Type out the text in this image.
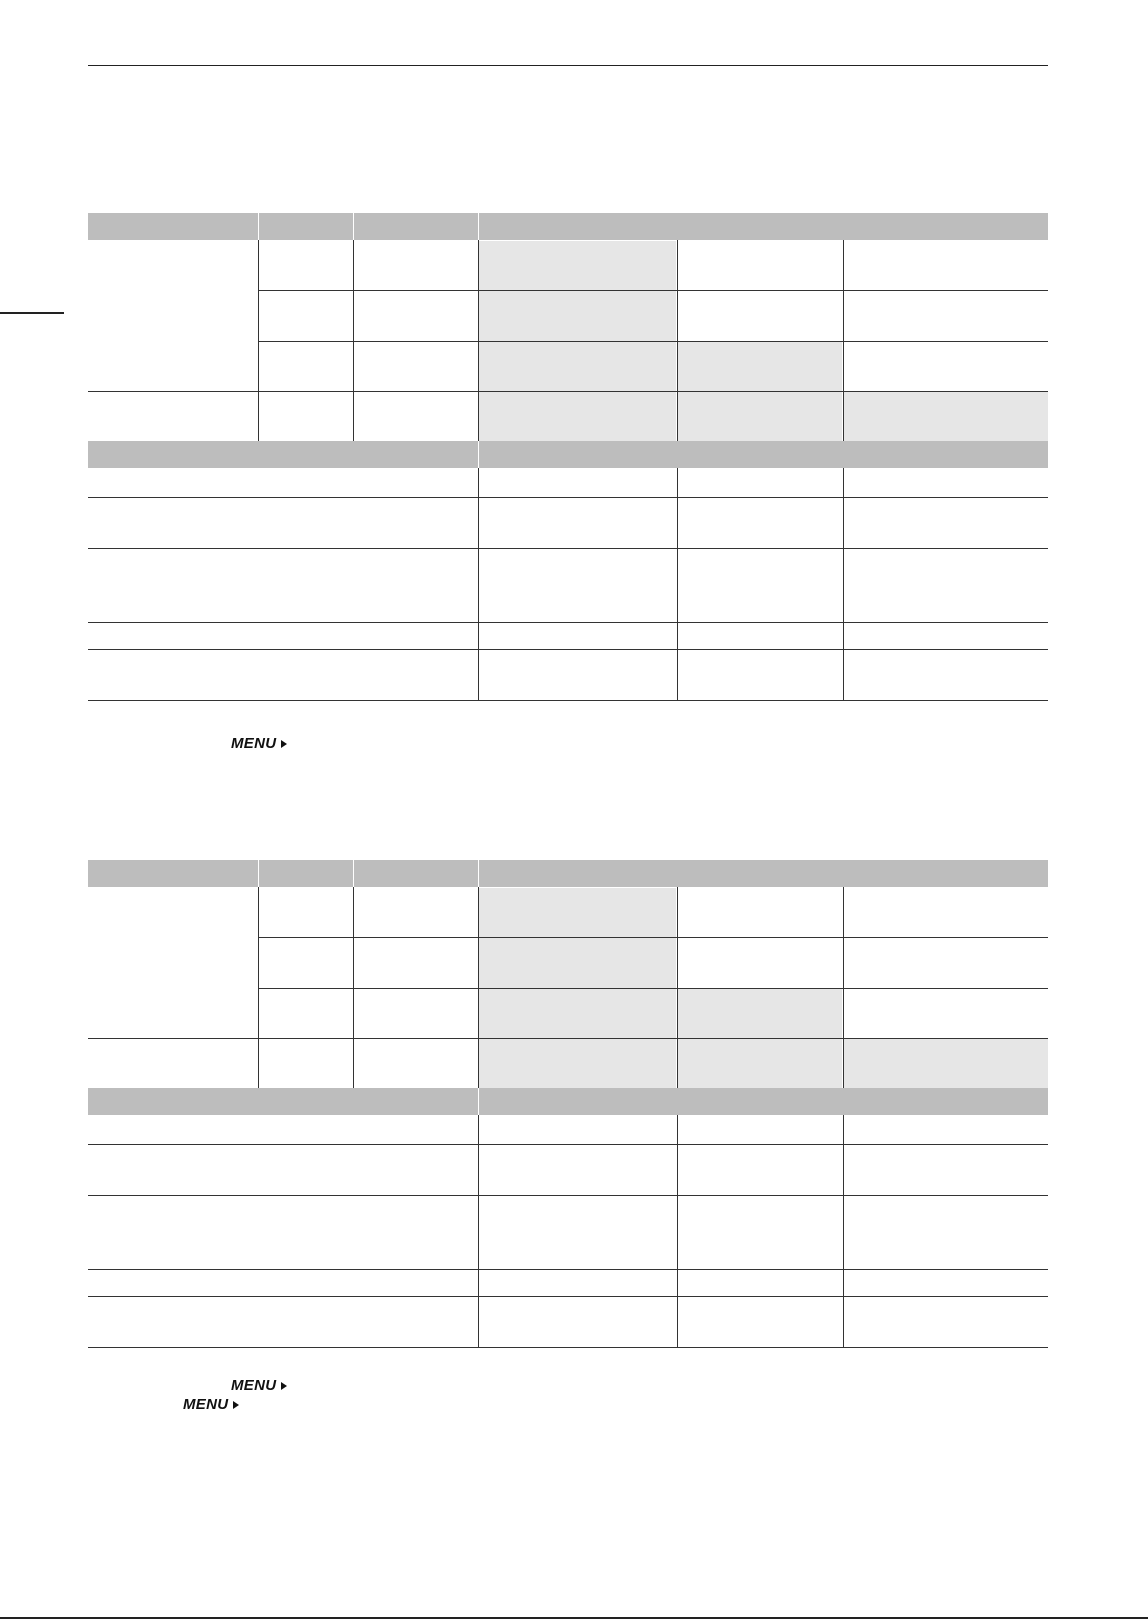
MENU
MENU
MENU
